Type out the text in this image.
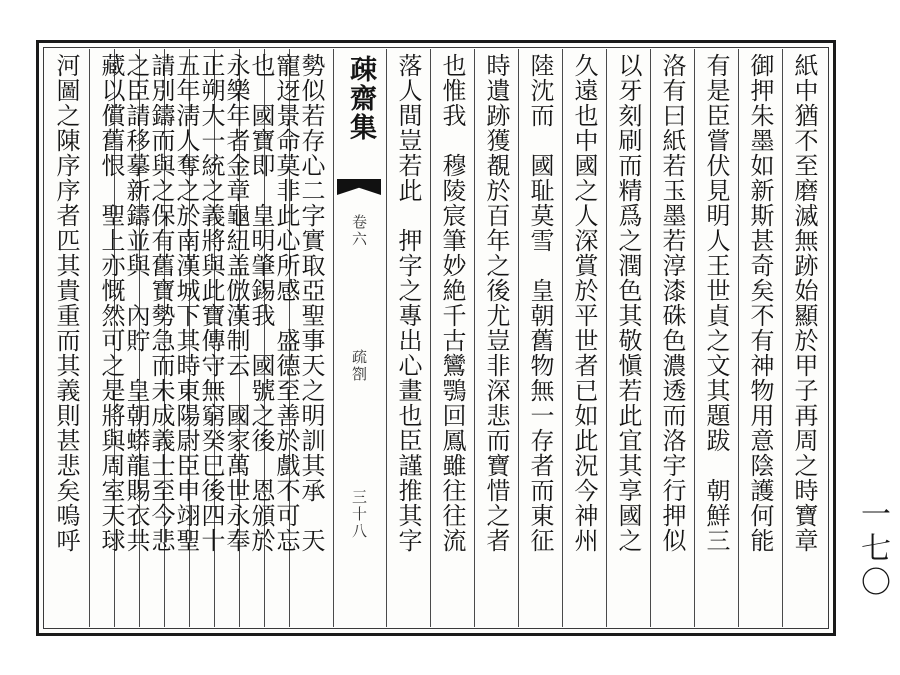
紙中猶不至磨滅無跡始顯於甲子再周之時寶章
御押朱墨如新斯甚奇矣不有神物用意陰護何能
有是臣嘗伏見明人王世貞之文其題跋　朝鮮三
洛有曰紙若玉墨若淳漆硃色濃透而洛宇行押似
以牙刻刷而精爲之潤色其敬愼若此宜其享國之
久遠也中國之人深賞於平世者已如此況今神州
陸沈而　國耻莫雪　皇朝舊物無一存者而東征
時遺跡獲覩於百年之後尤豈非深悲而寶惜之者
也惟我　穆陵宸筆妙絶千古鸞鶚回鳳雖往往流
落人間豈若此　押字之專出心畫也臣謹推其字
疎齋集
卷六
疏劄
三十八
勢似若存心二字實取亞聖事天之明訓其承　天
寵迓景命莫非此心所感　盛德至善於戲不可忘
也　國寶即　皇明肇錫我　國號之後　恩頒於
永樂年者金章龜紐盖倣漢制云　國家萬世永奉
正朔大一統之義將與此寶傳守無窮癸巳後四十
五年淸人奪之於南漢城下其時東陽尉臣申翊聖
請別鑄而與之保有舊寶勢急而未成義士至今悲
之臣請移摹新鑄並與　內貯　皇朝蟒龍賜衣共
藏以償舊恨　聖上亦慨然可之是將與周室天球
河圖之陳序序者匹其貴重而其義則甚悲矣嗚呼	一七〇
